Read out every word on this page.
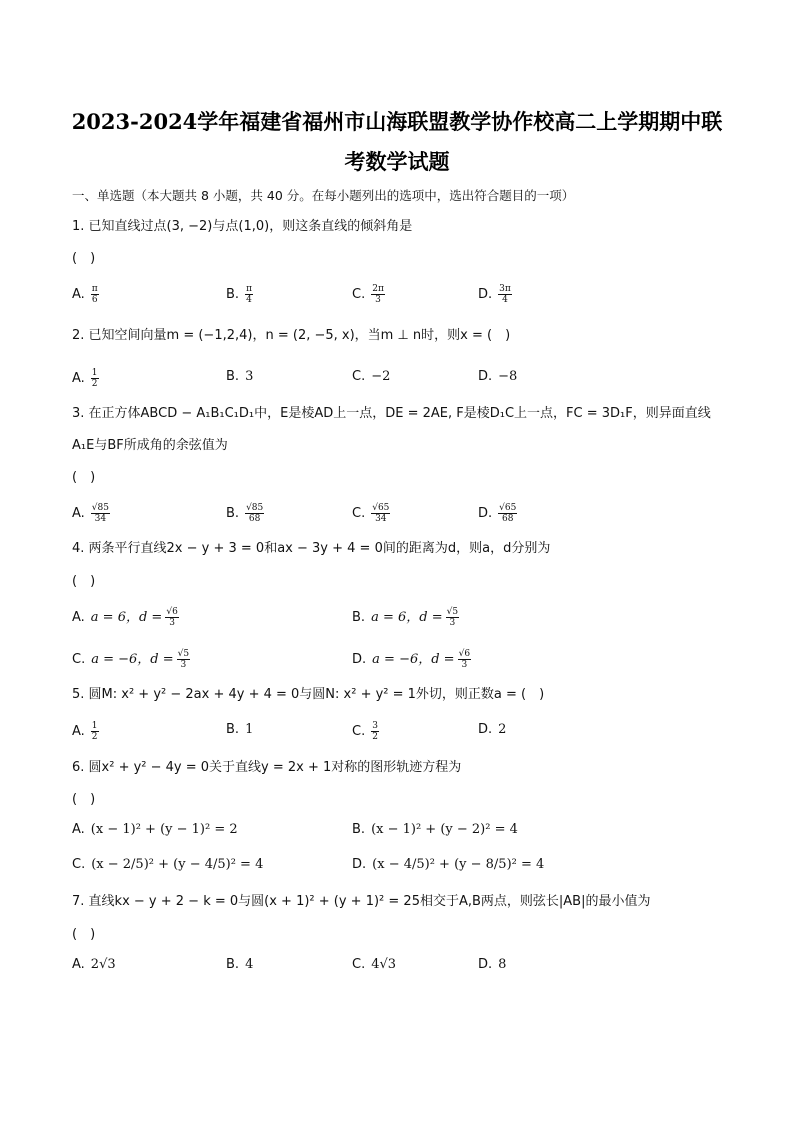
2023-2024学年福建省福州市山海联盟教学协作校高二上学期期中联
考数学试题
一、单选题（本大题共 8 小题，共 40 分。在每小题列出的选项中，选出符合题目的一项）
1. 已知直线过点(3, −2)与点(1,0)，则这条直线的倾斜角是
(　)
A. $\frac{\pi}{6}$	B. $\frac{\pi}{4}$	C. $\frac{2\pi}{3}$	D. $\frac{3\pi}{4}$
2. 已知空间向量m = (−1,2,4)，n = (2, −5, x)，当m ⊥ n时，则x = (　)
A. $\frac{1}{2}$	B. 3	C. −2	D. −8
3. 在正方体ABCD − A₁B₁C₁D₁中，E是棱AD上一点，DE = 2AE, F是棱D₁C上一点，FC = 3D₁F，则异面直线
A₁E与BF所成角的余弦值为
(　)
A. $\frac{√85}{34}$	B. $\frac{√85}{68}$	C. $\frac{√65}{34}$	D. $\frac{√65}{68}$
4. 两条平行直线2x − y + 3 = 0和ax − 3y + 4 = 0间的距离为d，则a，d分别为
(　)
A. a = 6，$d = \frac{√6}{3}$	B. a = 6，$d = \frac{√5}{3}$
C. a = −6，$d = \frac{√5}{3}$	D. a = −6，$d = \frac{√6}{3}$
5. 圆M: x² + y² − 2ax + 4y + 4 = 0与圆N: x² + y² = 1外切，则正数a = (　)
A. $\frac{1}{2}$	B. 1	C. $\frac{3}{2}$	D. 2
6. 圆x² + y² − 4y = 0关于直线y = 2x + 1对称的图形轨迹方程为
(　)
A. (x − 1)² + (y − 1)² = 2	B. (x − 1)² + (y − 2)² = 4
C. (x − 2/5)² + (y − 4/5)² = 4	D. (x − 4/5)² + (y − 8/5)² = 4
7. 直线kx − y + 2 − k = 0与圆(x + 1)² + (y + 1)² = 25相交于A,B两点，则弦长|AB|的最小值为
(　)
A. 2√3	B. 4	C. 4√3	D. 8
